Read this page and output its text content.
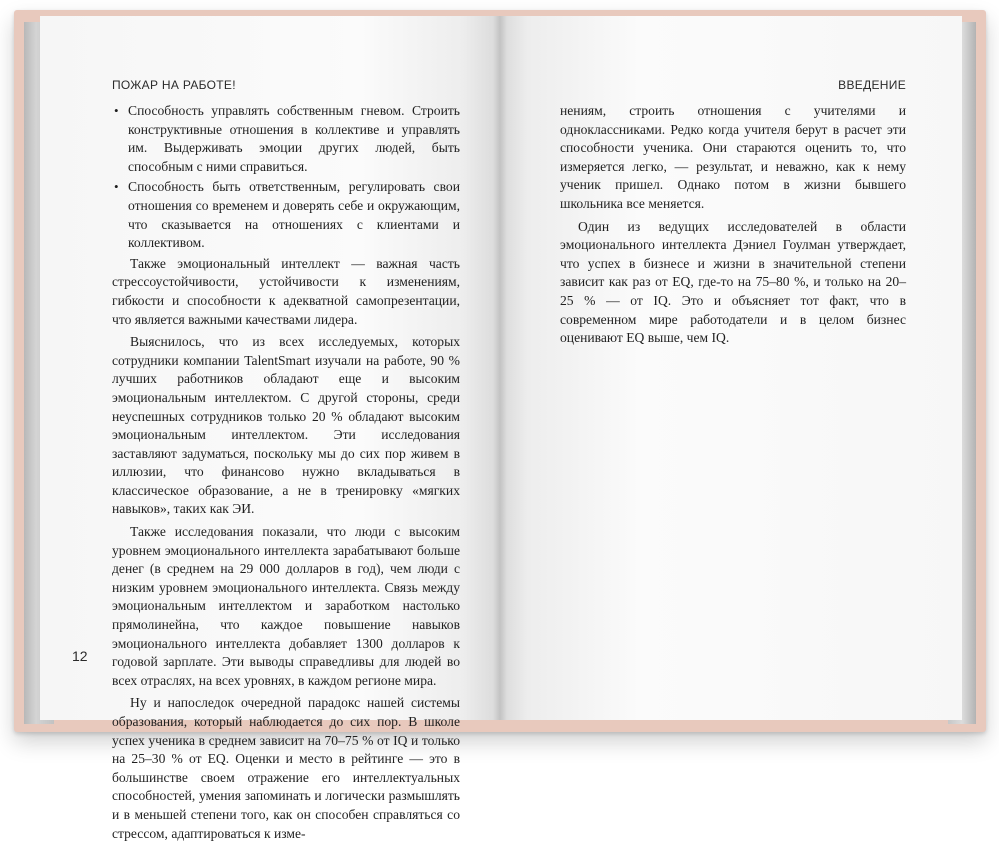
ПОЖАР НА РАБОТЕ!
• Способность управлять собственным гневом. Строить конструктивные отношения в коллективе и управлять им. Выдерживать эмоции других людей, быть способным с ними справиться.
• Способность быть ответственным, регулировать свои отношения со временем и доверять себе и окружающим, что сказывается на отношениях с клиентами и коллективом.

Также эмоциональный интеллект — важная часть стрессоустойчивости, устойчивости к изменениям, гибкости и способности к адекватной самопрезентации, что является важными качествами лидера.

Выяснилось, что из всех исследуемых, которых сотрудники компании TalentSmart изучали на работе, 90 % лучших работников обладают еще и высоким эмоциональным интеллектом. С другой стороны, среди неуспешных сотрудников только 20 % обладают высоким эмоциональным интеллектом. Эти исследования заставляют задуматься, поскольку мы до сих пор живем в иллюзии, что финансово нужно вкладываться в классическое образование, а не в тренировку «мягких навыков», таких как ЭИ.

Также исследования показали, что люди с высоким уровнем эмоционального интеллекта зарабатывают больше денег (в среднем на 29 000 долларов в год), чем люди с низким уровнем эмоционального интеллекта. Связь между эмоциональным интеллектом и заработком настолько прямолинейна, что каждое повышение навыков эмоционального интеллекта добавляет 1300 долларов к годовой зарплате. Эти выводы справедливы для людей во всех отраслях, на всех уровнях, в каждом регионе мира.

Ну и напоследок очередной парадокс нашей системы образования, который наблюдается до сих пор. В школе успех ученика в среднем зависит на 70–75 % от IQ и только на 25–30 % от EQ. Оценки и место в рейтинге — это в большинстве своем отражение его интеллектуальных способностей, умения запоминать и логически размышлять и в меньшей степени того, как он способен справляться со стрессом, адаптироваться к изме-

ВВЕДЕНИЕ

нениям, строить отношения с учителями и одноклассниками. Редко когда учителя берут в расчет эти способности ученика. Они стараются оценить то, что измеряется легко, — результат, и неважно, как к нему ученик пришел. Однако потом в жизни бывшего школьника все меняется.

Один из ведущих исследователей в области эмоционального интеллекта Дэниел Гоулман утверждает, что успех в бизнесе и жизни в значительной степени зависит как раз от EQ, где-то на 75–80 %, и только на 20–25 % — от IQ. Это и объясняет тот факт, что в современном мире работодатели и в целом бизнес оценивают EQ выше, чем IQ.

12
